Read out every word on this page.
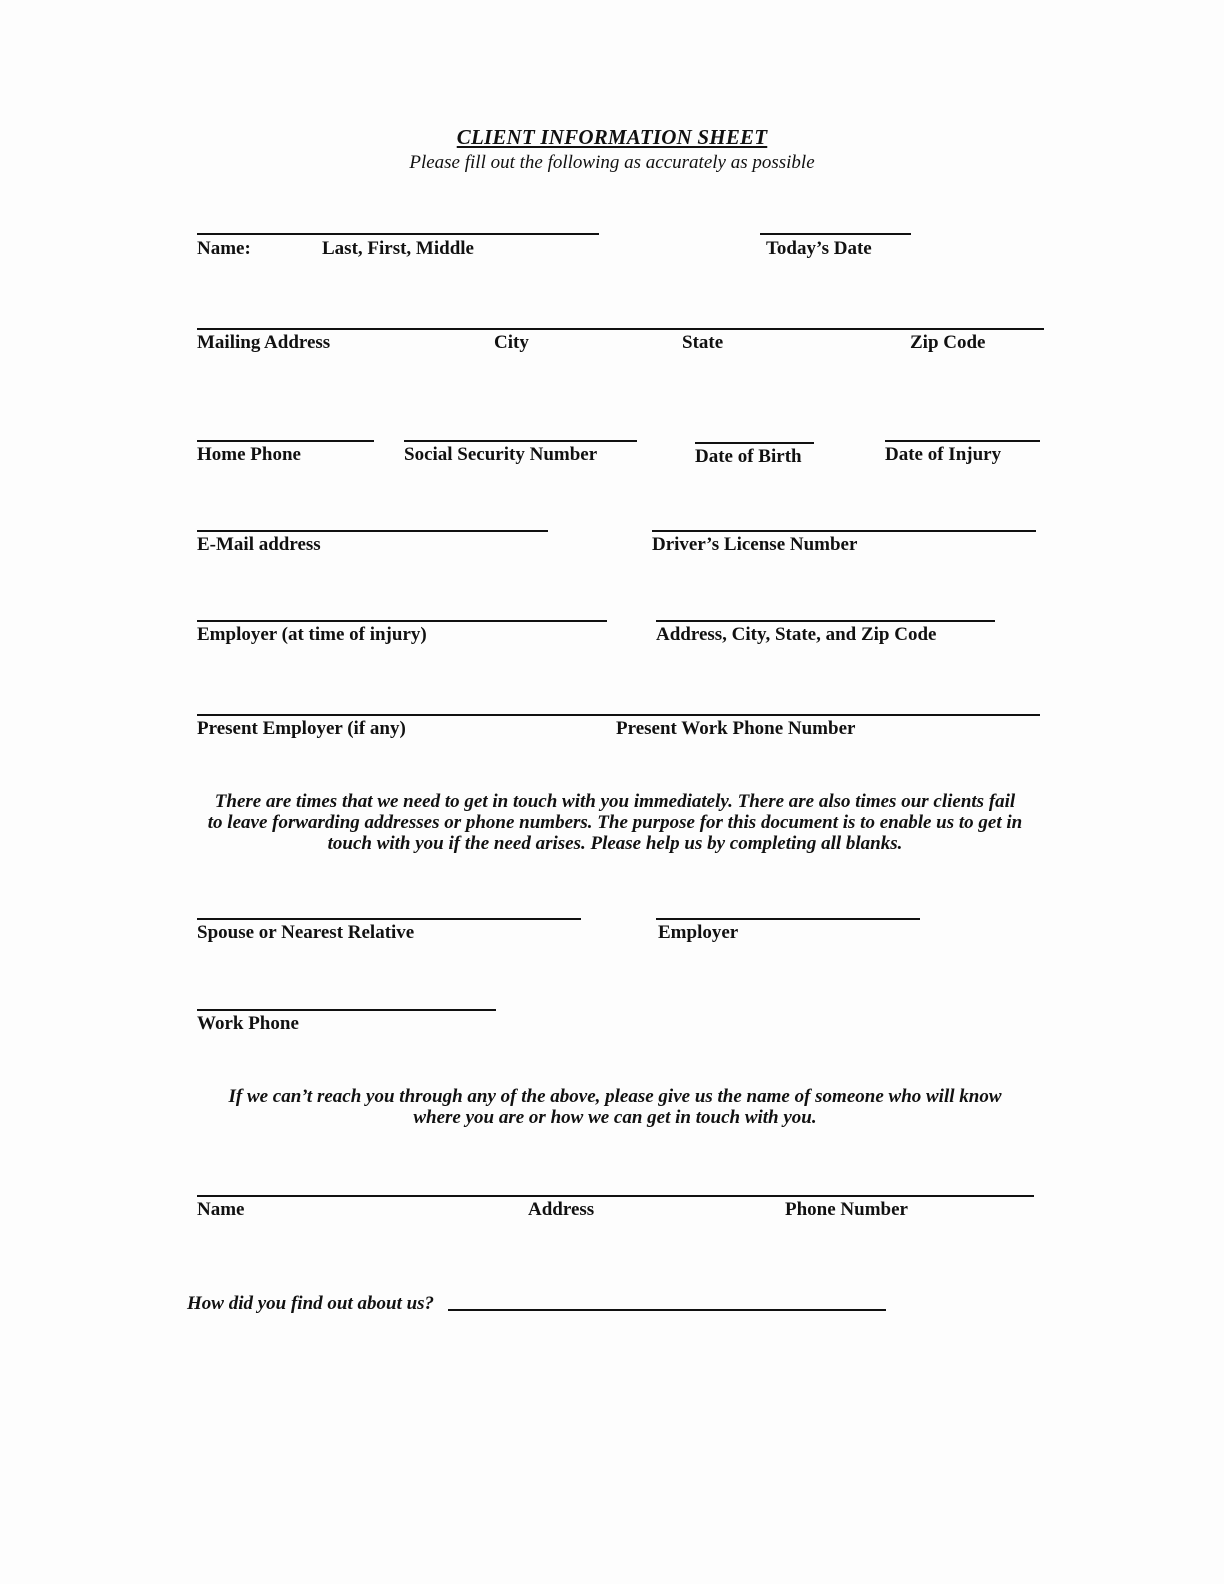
CLIENT INFORMATION SHEET
Please fill out the following as accurately as possible
Name:	Last, First, Middle	Today’s Date
Mailing Address	City	State	Zip Code
Home Phone	Social Security Number	Date of Birth	Date of Injury
E-Mail address	Driver’s License Number
Employer (at time of injury)	Address, City, State, and Zip Code
Present Employer (if any)	Present Work Phone Number
There are times that we need to get in touch with you immediately. There are also times our clients fail
to leave forwarding addresses or phone numbers. The purpose for this document is to enable us to get in
touch with you if the need arises. Please help us by completing all blanks.
Spouse or Nearest Relative	Employer
Work Phone
If we can’t reach you through any of the above, please give us the name of someone who will know
where you are or how we can get in touch with you.
Name	Address	Phone Number
How did you find out about us?
